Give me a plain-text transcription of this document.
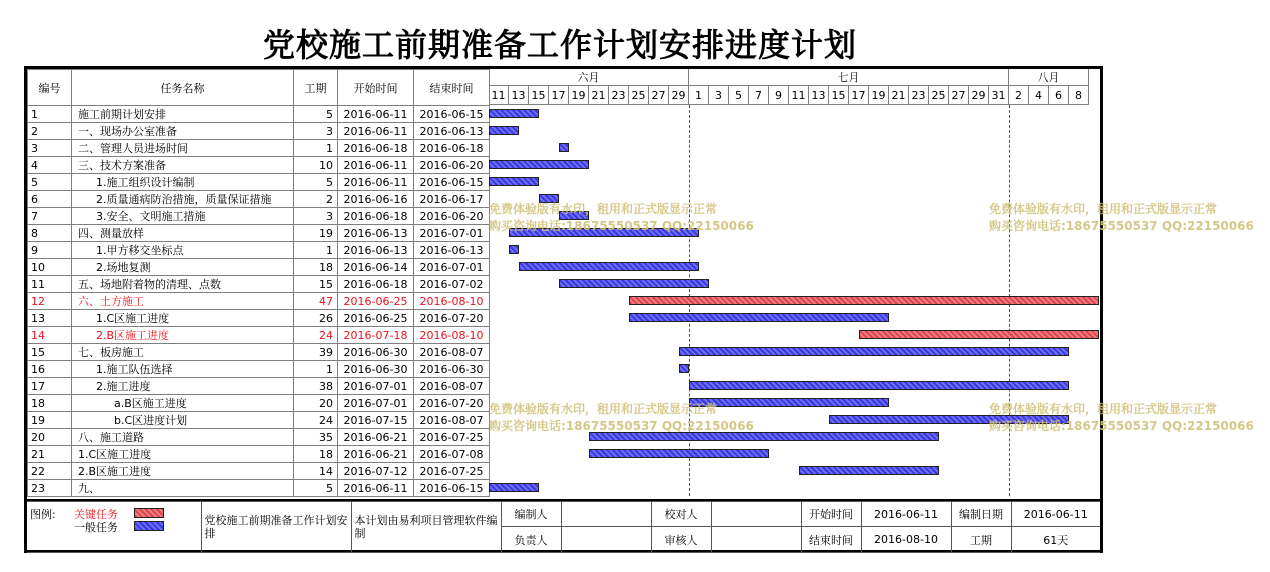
党校施工前期准备工作计划安排进度计划
编号	任务名称	工期	开始时间	结束时间
1	施工前期计划安排	5	2016-06-11	2016-06-15
2	一、现场办公室准备	3	2016-06-11	2016-06-13
3	二、管理人员进场时间	1	2016-06-18	2016-06-18
4	三、技术方案准备	10	2016-06-11	2016-06-20
5	1.施工组织设计编制	5	2016-06-11	2016-06-15
6	2.质量通病防治措施，质量保证措施	2	2016-06-16	2016-06-17
7	3.安全、文明施工措施	3	2016-06-18	2016-06-20
8	四、测量放样	19	2016-06-13	2016-07-01
9	1.甲方移交坐标点	1	2016-06-13	2016-06-13
10	2.场地复测	18	2016-06-14	2016-07-01
11	五、场地附着物的清理、点数	15	2016-06-18	2016-07-02
12	六、土方施工	47	2016-06-25	2016-08-10
13	1.C区施工进度	26	2016-06-25	2016-07-20
14	2.B区施工进度	24	2016-07-18	2016-08-10
15	七、板房施工	39	2016-06-30	2016-08-07
16	1.施工队伍选择	1	2016-06-30	2016-06-30
17	2.施工进度	38	2016-07-01	2016-08-07
18	a.B区施工进度	20	2016-07-01	2016-07-20
19	b.C区进度计划	24	2016-07-15	2016-08-07
20	八、施工道路	35	2016-06-21	2016-07-25
21	1.C区施工进度	18	2016-06-21	2016-07-08
22	2.B区施工进度	14	2016-07-12	2016-07-25
23	九、	5	2016-06-11	2016-06-15
六月
11 13 15 17 19 21 23 25 27 29
七月
1	3	5	7	9 11 13 15 17 19 21 23 25 27 29 31
八月
2	4	6	8
免费体验版有水印，租用和正式版显示正常
购买咨询电话:18675550537 QQ:22150066
免费体验版有水印，租用和正式版显示正常
购买咨询电话:18675550537 QQ:22150066
免费体验版有水印，租用和正式版显示正常
购买咨询电话:18675550537 QQ:22150066
免费体验版有水印，租用和正式版显示正常
购买咨询电话:18675550537 QQ:22150066
图例: 关键任务
一般任务	党校施工前期准备工作计划安排	本计划由易利项目管理软件编制	编制人		校对人		开始时间	2016-06-11	编制日期	2016-06-11
			负责人		审核人		结束时间	2016-08-10	工期	61天
